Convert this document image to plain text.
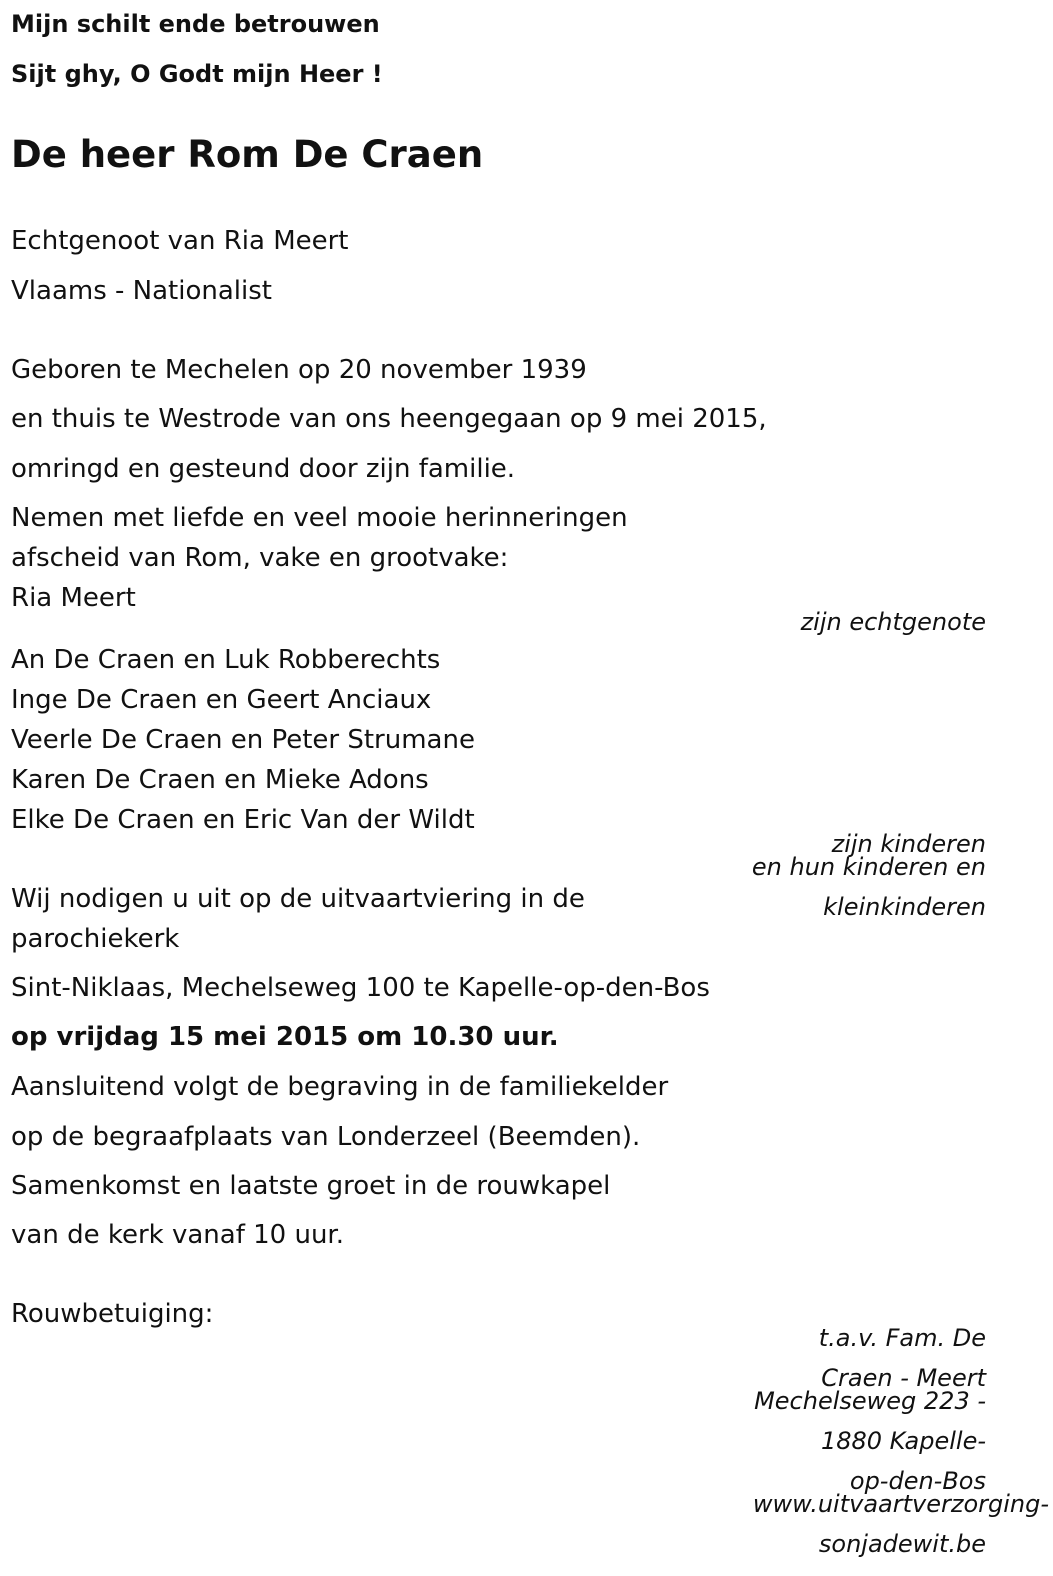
Mijn schilt ende betrouwen
Sijt ghy, O Godt mijn Heer !
De heer Rom De Craen
Echtgenoot van Ria Meert
Vlaams - Nationalist
Geboren te Mechelen op 20 november 1939
en thuis te Westrode van ons heengegaan op 9 mei 2015,
omringd en gesteund door zijn familie.
Nemen met liefde en veel mooie herinneringen
afscheid van Rom, vake en grootvake:
Ria Meert
zijn echtgenote
An De Craen en Luk Robberechts
Inge De Craen en Geert Anciaux
Veerle De Craen en Peter Strumane
Karen De Craen en Mieke Adons
Elke De Craen en Eric Van der Wildt
zijn kinderen
en hun kinderen en
kleinkinderen
Wij nodigen u uit op de uitvaartviering in de
parochiekerk
Sint-Niklaas, Mechelseweg 100 te Kapelle-op-den-Bos
op vrijdag 15 mei 2015 om 10.30 uur.
Aansluitend volgt de begraving in de familiekelder
op de begraafplaats van Londerzeel (Beemden).
Samenkomst en laatste groet in de rouwkapel
van de kerk vanaf 10 uur.
Rouwbetuiging:
t.a.v. Fam. De
Craen - Meert
Mechelseweg 223 -
1880 Kapelle-
op-den-Bos
www.uitvaartverzorging-
sonjadewit.be
